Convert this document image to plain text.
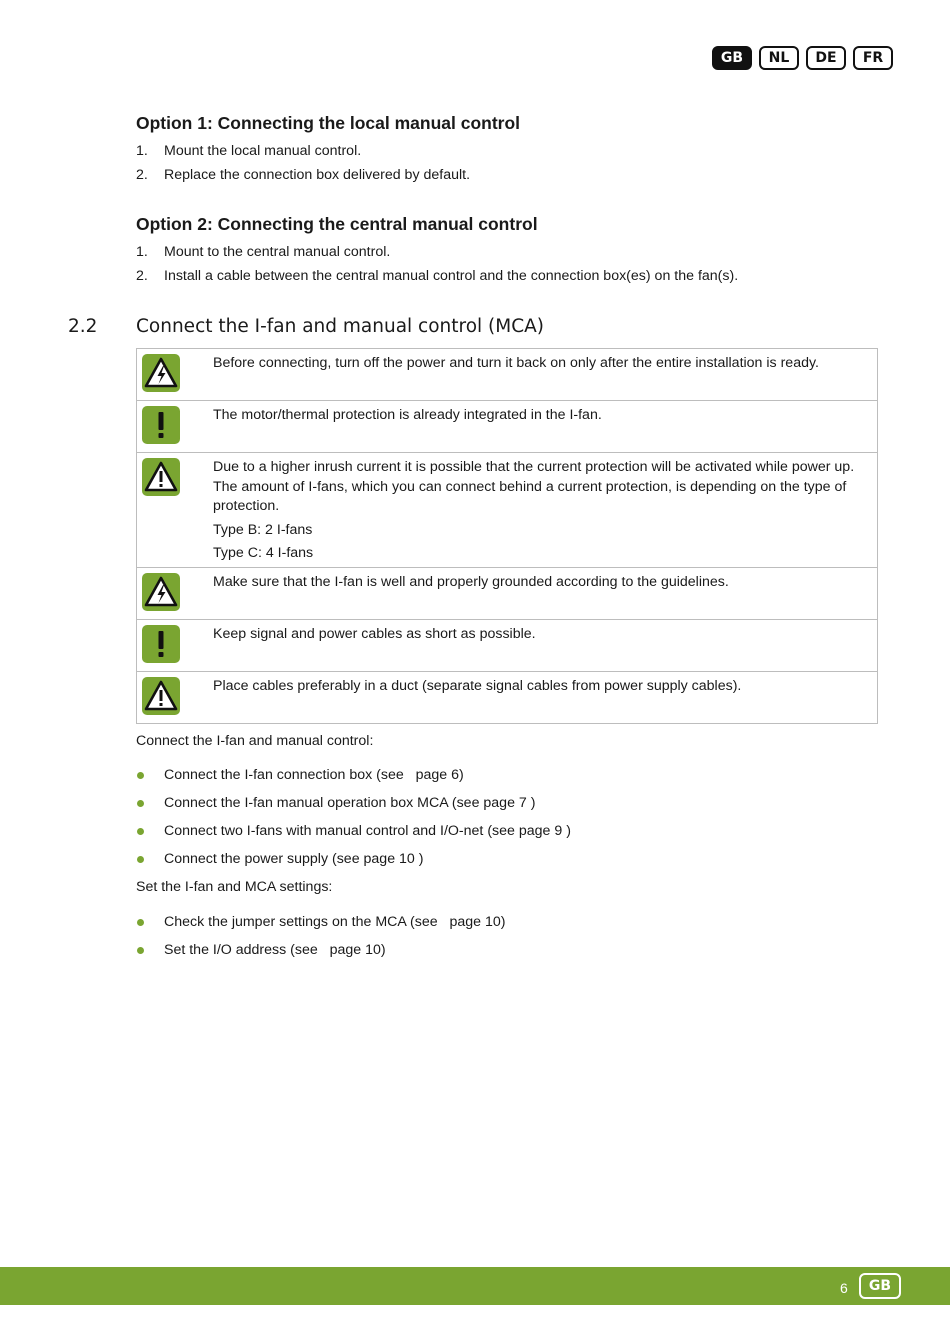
GB	NL	DE	FR
Option 1: Connecting the local manual control
1.	Mount the local manual control.
2.	Replace the connection box delivered by default.
Option 2: Connecting the central manual control
1.	Mount to the central manual control.
2.	Install a cable between the central manual control and the connection box(es) on the fan(s).
2.2 Connect the I-fan and manual control (MCA)

Before connecting, turn off the power and turn it back on only after the entire installation is ready.

The motor/thermal protection is already integrated in the I-fan.

Due to a higher inrush current it is possible that the current protection will be activated while power up. The amount of I-fans, which you can connect behind a current protection, is depending on the type of protection.

Type B: 2 I-fans

Type C: 4 I-fans

Make sure that the I-fan is well and properly grounded according to the guidelines.

Keep signal and power cables as short as possible.

Place cables preferably in a duct (separate signal cables from power supply cables).

Connect the I-fan and manual control:

Connect the I-fan connection box (see   page 6)
Connect the I-fan manual operation box MCA (see page 7 )
Connect two I-fans with manual control and I/O-net (see page 9 )
Connect the power supply (see page 10 )

Set the I-fan and MCA settings:

Check the jumper settings on the MCA (see   page 10)
Set the I/O address (see   page 10)
6	GB
